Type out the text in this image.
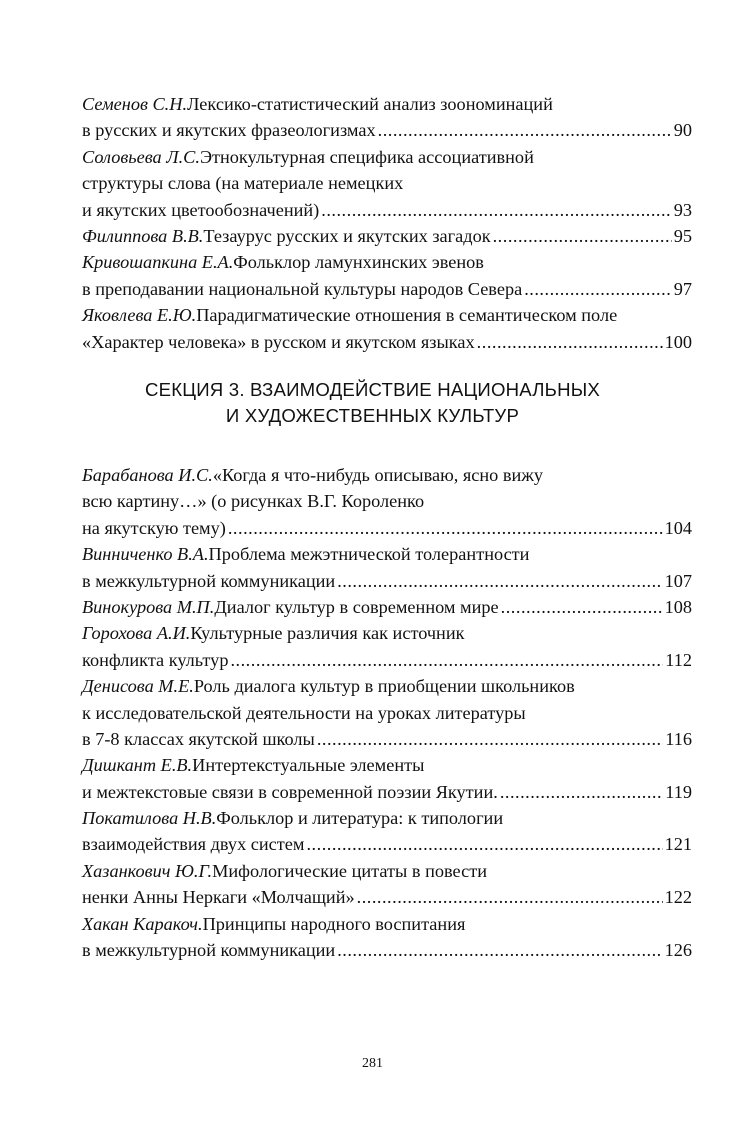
Семенов С.Н. Лексико-статистический анализ зоономинаций
в русских и якутских фразеологизмах .....	90
Соловьева Л.С. Этнокультурная специфика ассоциативной
структуры слова (на материале немецких
и якутских цветообозначений) .....	93
Филиппова В.В. Тезаурус русских и якутских загадок .....	95
Кривошапкина Е.А. Фольклор ламунхинских эвенов
в преподавании национальной культуры народов Севера .....	97
Яковлева Е.Ю. Парадигматические отношения в семантическом поле
«Характер человека» в русском и якутском языках .....	100
СЕКЦИЯ 3. ВЗАИМОДЕЙСТВИЕ НАЦИОНАЛЬНЫХ
И ХУДОЖЕСТВЕННЫХ КУЛЬТУР
Барабанова И.С. «Когда я что-нибудь описываю, ясно вижу
всю картину…» (о рисунках В.Г. Короленко
на якутскую тему) .....	104
Винниченко В.А. Проблема межэтнической толерантности
в межкультурной коммуникации .....	107
Винокурова М.П. Диалог культур в современном мире .....	108
Горохова А.И. Культурные различия как источник
конфликта культур .....	112
Денисова М.Е. Роль диалога культур в приобщении школьников
к исследовательской деятельности на уроках литературы
в 7-8 классах якутской школы .....	116
Дишкант Е.В. Интертекстуальные элементы
и межтекстовые связи в современной поэзии Якутии. .....	119
Покатилова Н.В. Фольклор и литература: к типологии
взаимодействия двух систем .....	121
Хазанкович Ю.Г. Мифологические цитаты в повести
ненки Анны Неркаги «Молчащий» .....	122
Хакан Каракоч. Принципы народного воспитания
в межкультурной коммуникации .....	126
281
